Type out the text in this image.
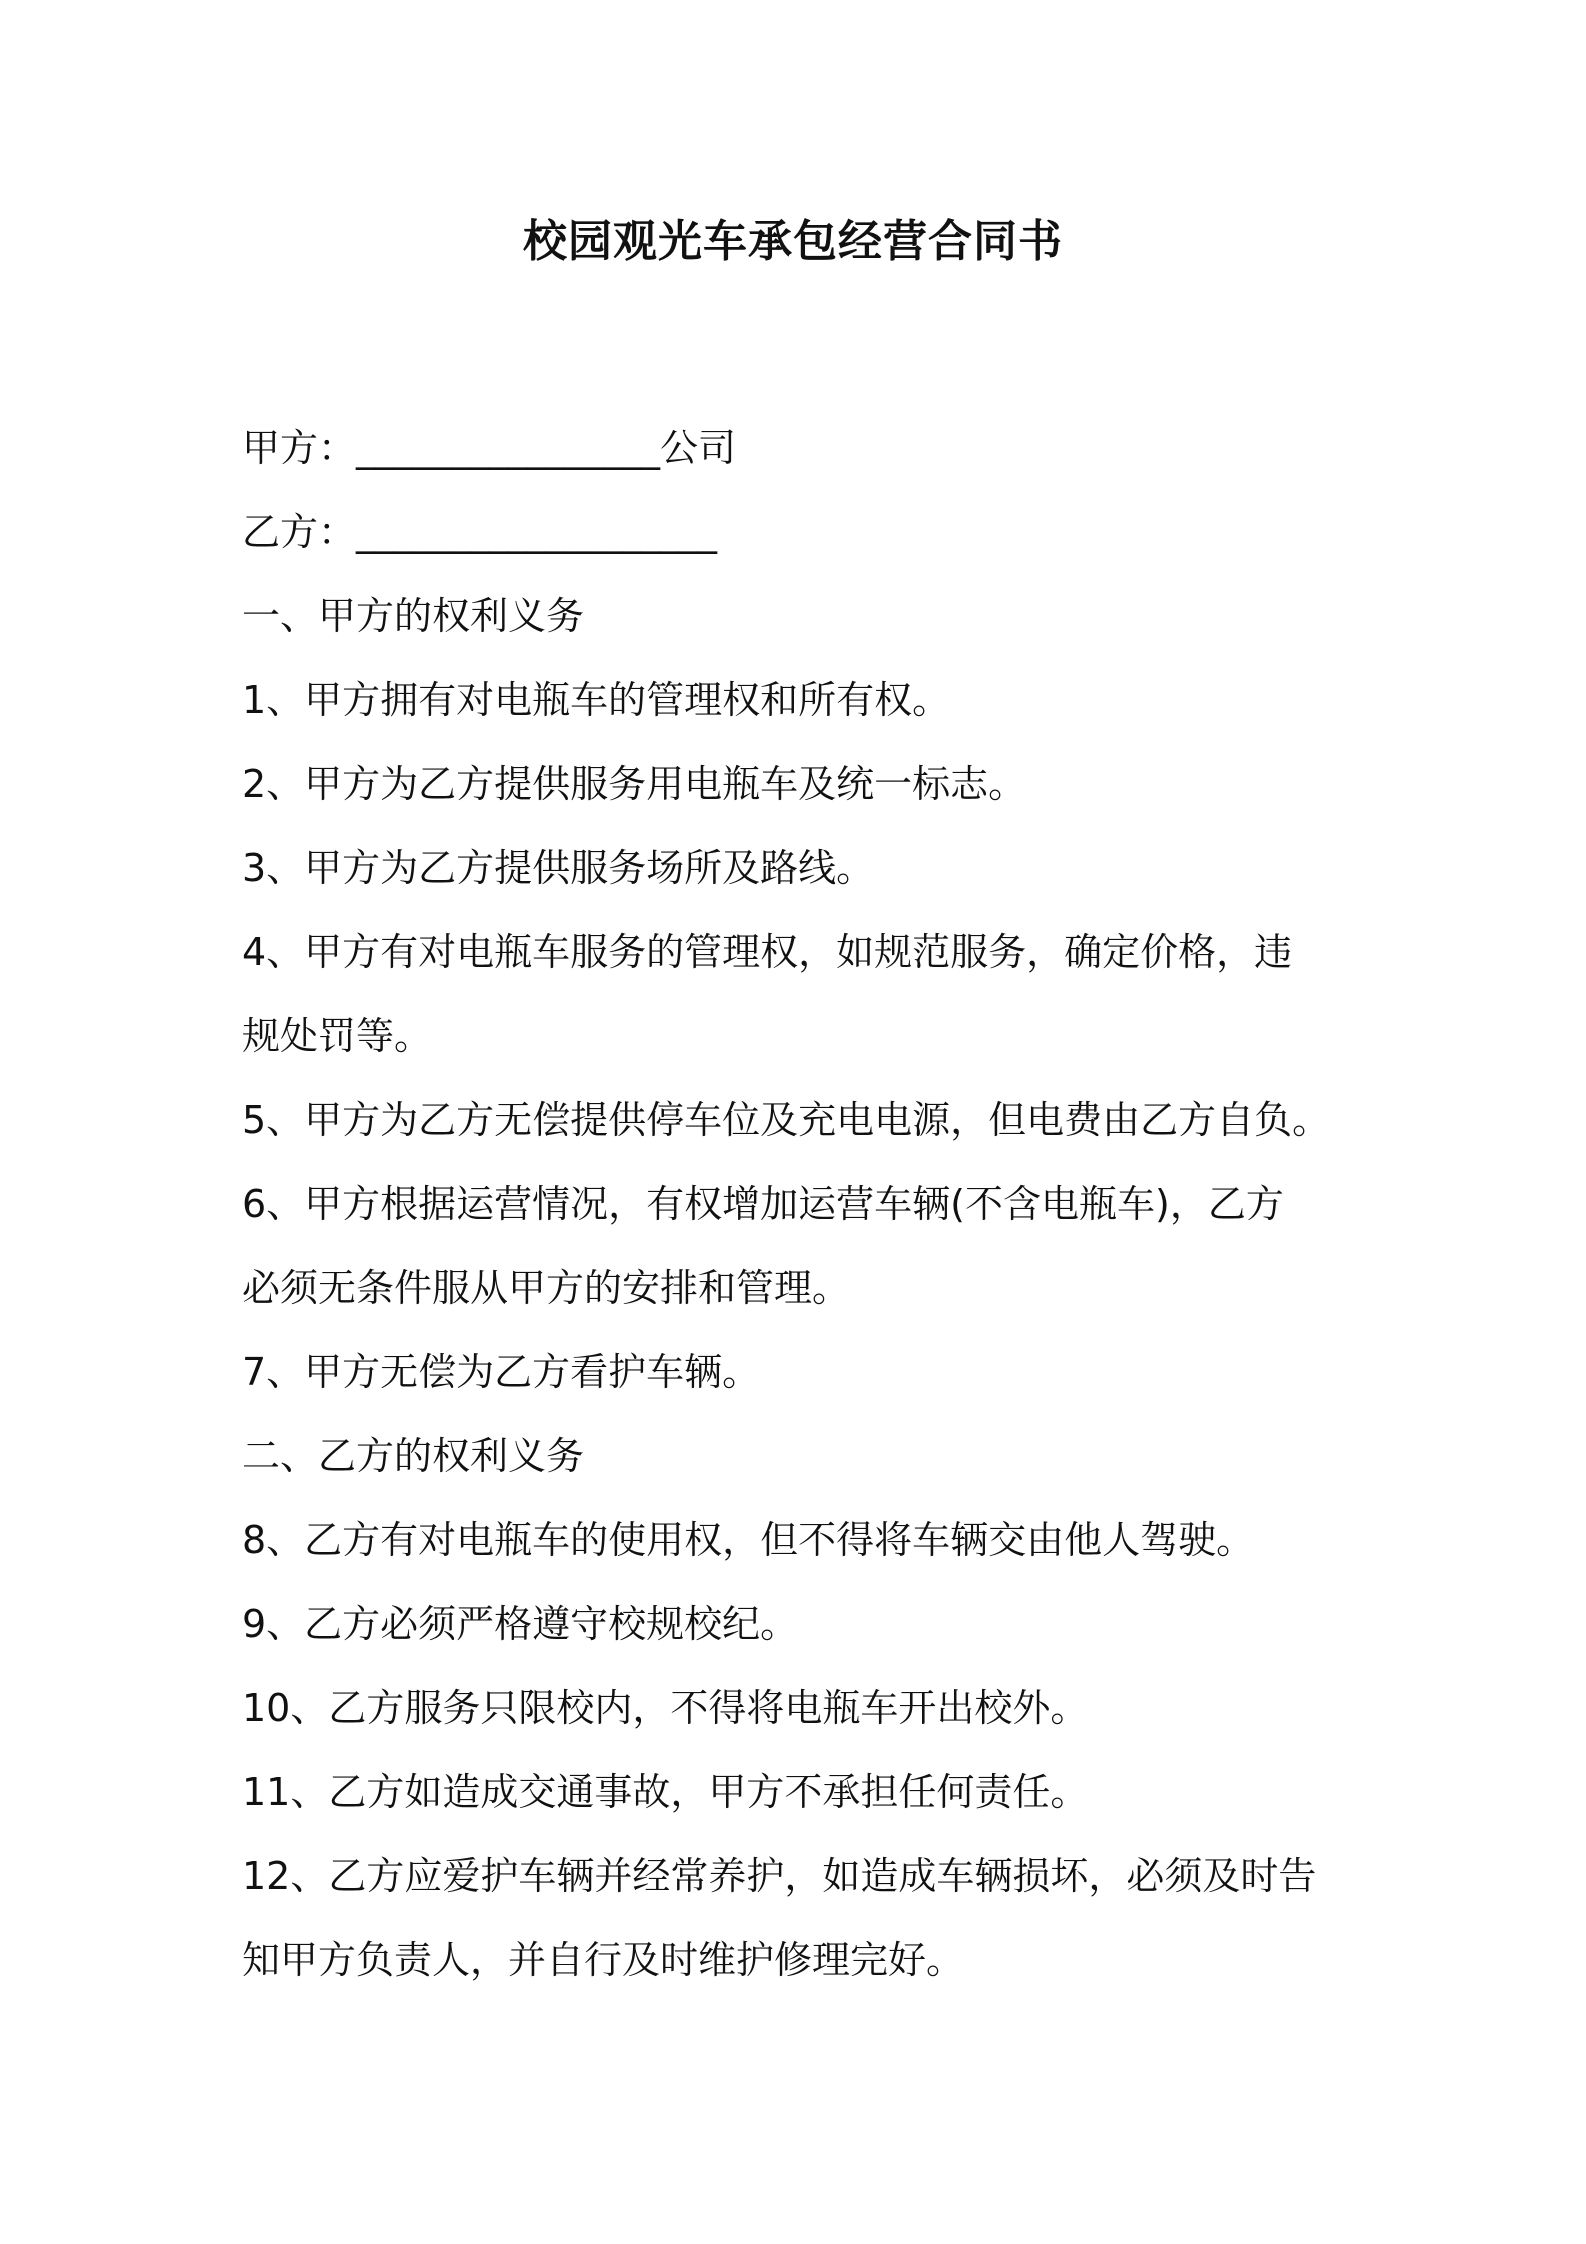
校园观光车承包经营合同书
甲方：________________公司
乙方：___________________
一、甲方的权利义务
1、甲方拥有对电瓶车的管理权和所有权。
2、甲方为乙方提供服务用电瓶车及统一标志。
3、甲方为乙方提供服务场所及路线。
4、甲方有对电瓶车服务的管理权，如规范服务，确定价格，违
规处罚等。
5、甲方为乙方无偿提供停车位及充电电源，但电费由乙方自负。
6、甲方根据运营情况，有权增加运营车辆(不含电瓶车)，乙方
必须无条件服从甲方的安排和管理。
7、甲方无偿为乙方看护车辆。
二、乙方的权利义务
8、乙方有对电瓶车的使用权，但不得将车辆交由他人驾驶。
9、乙方必须严格遵守校规校纪。
10、乙方服务只限校内，不得将电瓶车开出校外。
11、乙方如造成交通事故，甲方不承担任何责任。
12、乙方应爱护车辆并经常养护，如造成车辆损坏，必须及时告
知甲方负责人，并自行及时维护修理完好。
